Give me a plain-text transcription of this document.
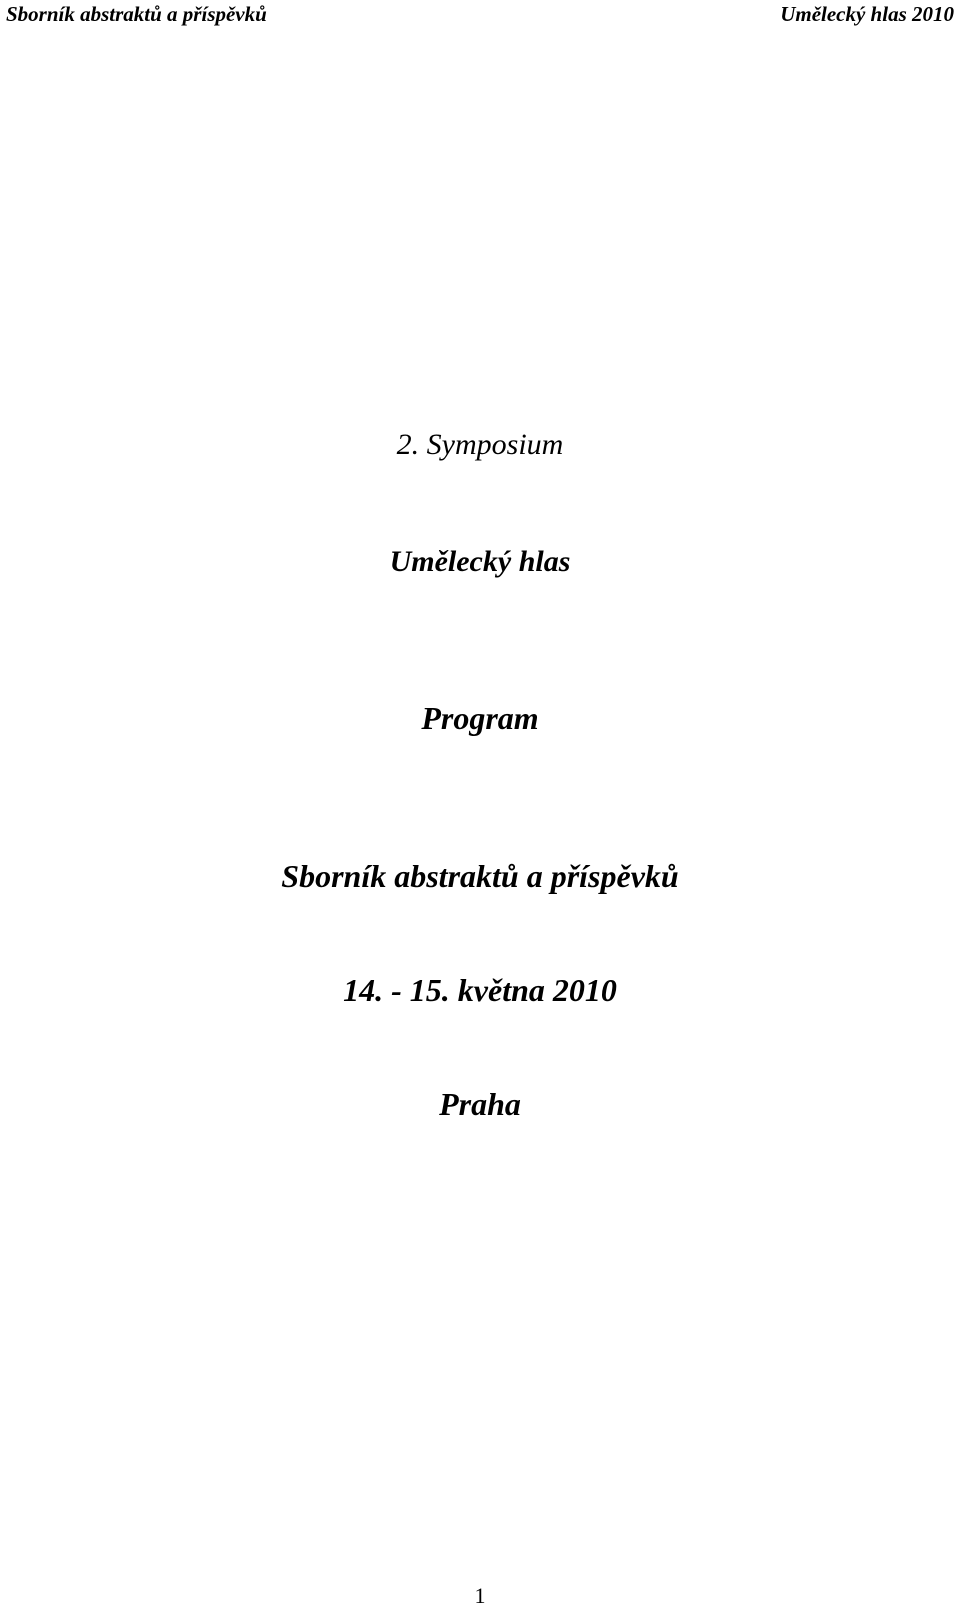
Sborník abstraktů a příspěvků	Umělecký hlas 2010
2. Symposium
Umělecký hlas
Program
Sborník abstraktů a příspěvků
14. - 15. května 2010
Praha
1
